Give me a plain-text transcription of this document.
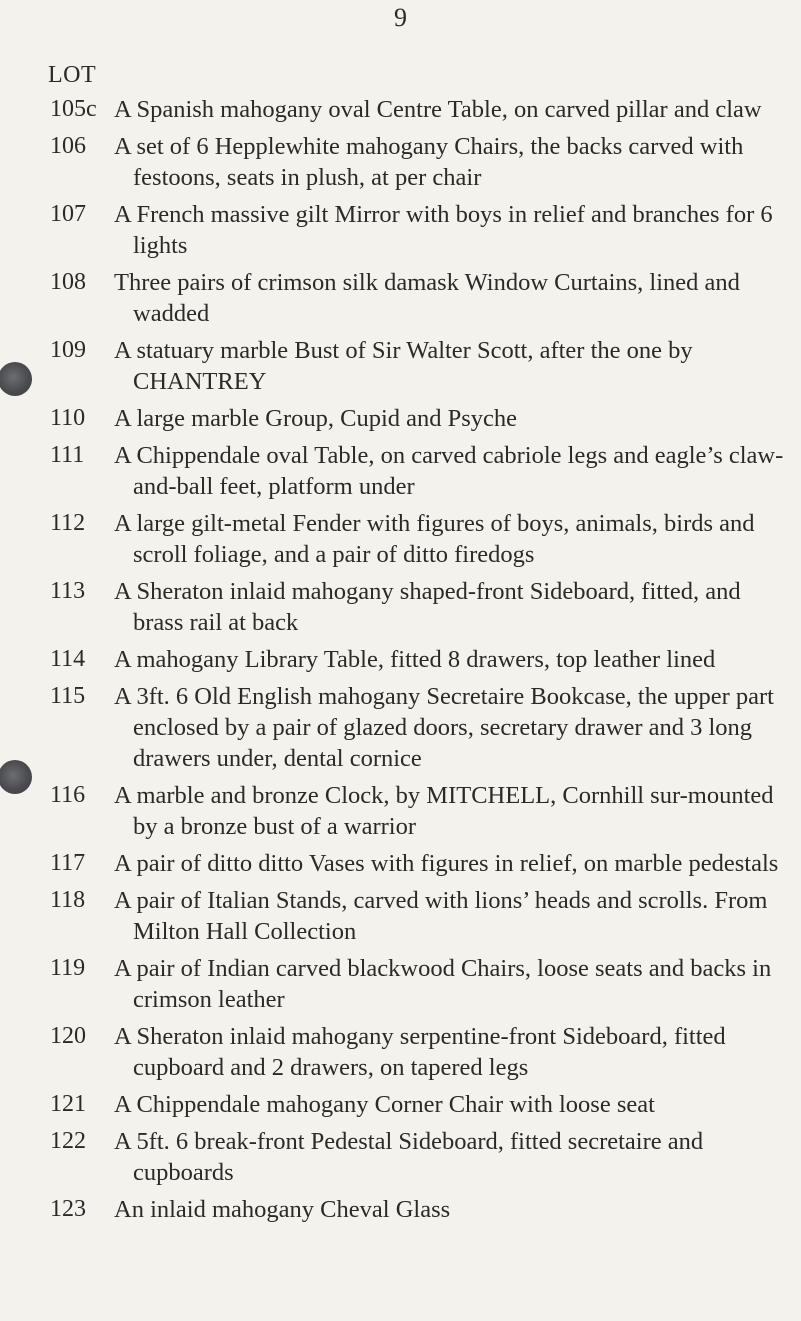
9
LOT
105c A Spanish mahogany oval Centre Table, on carved pillar and claw
106 A set of 6 Hepplewhite mahogany Chairs, the backs carved with festoons, seats in plush, at per chair
107 A French massive gilt Mirror with boys in relief and branches for 6 lights
108 Three pairs of crimson silk damask Window Curtains, lined and wadded
109 A statuary marble Bust of Sir Walter Scott, after the one by CHANTREY
110 A large marble Group, Cupid and Psyche
111 A Chippendale oval Table, on carved cabriole legs and eagle’s claw-and-ball feet, platform under
112 A large gilt-metal Fender with figures of boys, animals, birds and scroll foliage, and a pair of ditto firedogs
113 A Sheraton inlaid mahogany shaped-front Sideboard, fitted, and brass rail at back
114 A mahogany Library Table, fitted 8 drawers, top leather lined
115 A 3ft. 6 Old English mahogany Secretaire Bookcase, the upper part enclosed by a pair of glazed doors, secretary drawer and 3 long drawers under, dental cornice
116 A marble and bronze Clock, by MITCHELL, Cornhill sur-mounted by a bronze bust of a warrior
117 A pair of ditto ditto Vases with figures in relief, on marble pedestals
118 A pair of Italian Stands, carved with lions’ heads and scrolls. From Milton Hall Collection
119 A pair of Indian carved blackwood Chairs, loose seats and backs in crimson leather
120 A Sheraton inlaid mahogany serpentine-front Sideboard, fitted cupboard and 2 drawers, on tapered legs
121 A Chippendale mahogany Corner Chair with loose seat
122 A 5ft. 6 break-front Pedestal Sideboard, fitted secretaire and cupboards
123 An inlaid mahogany Cheval Glass
